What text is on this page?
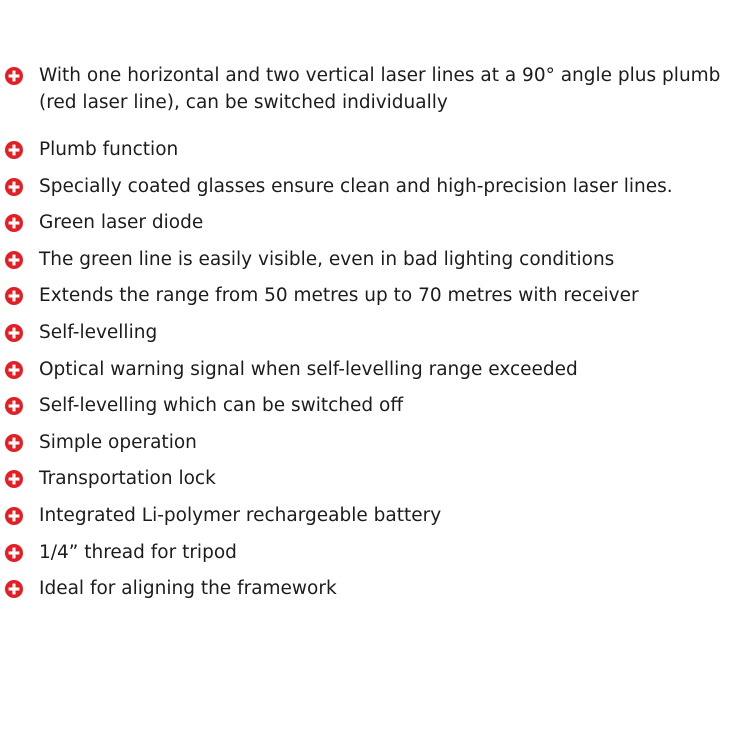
With one horizontal and two vertical laser lines at a 90° angle plus plumb
(red laser line), can be switched individually
Plumb function
Specially coated glasses ensure clean and high-precision laser lines.
Green laser diode
The green line is easily visible, even in bad lighting conditions
Extends the range from 50 metres up to 70 metres with receiver
Self-levelling
Optical warning signal when self-levelling range exceeded
Self-levelling which can be switched off
Simple operation
Transportation lock
Integrated Li-polymer rechargeable battery
1/4” thread for tripod
Ideal for aligning the framework
